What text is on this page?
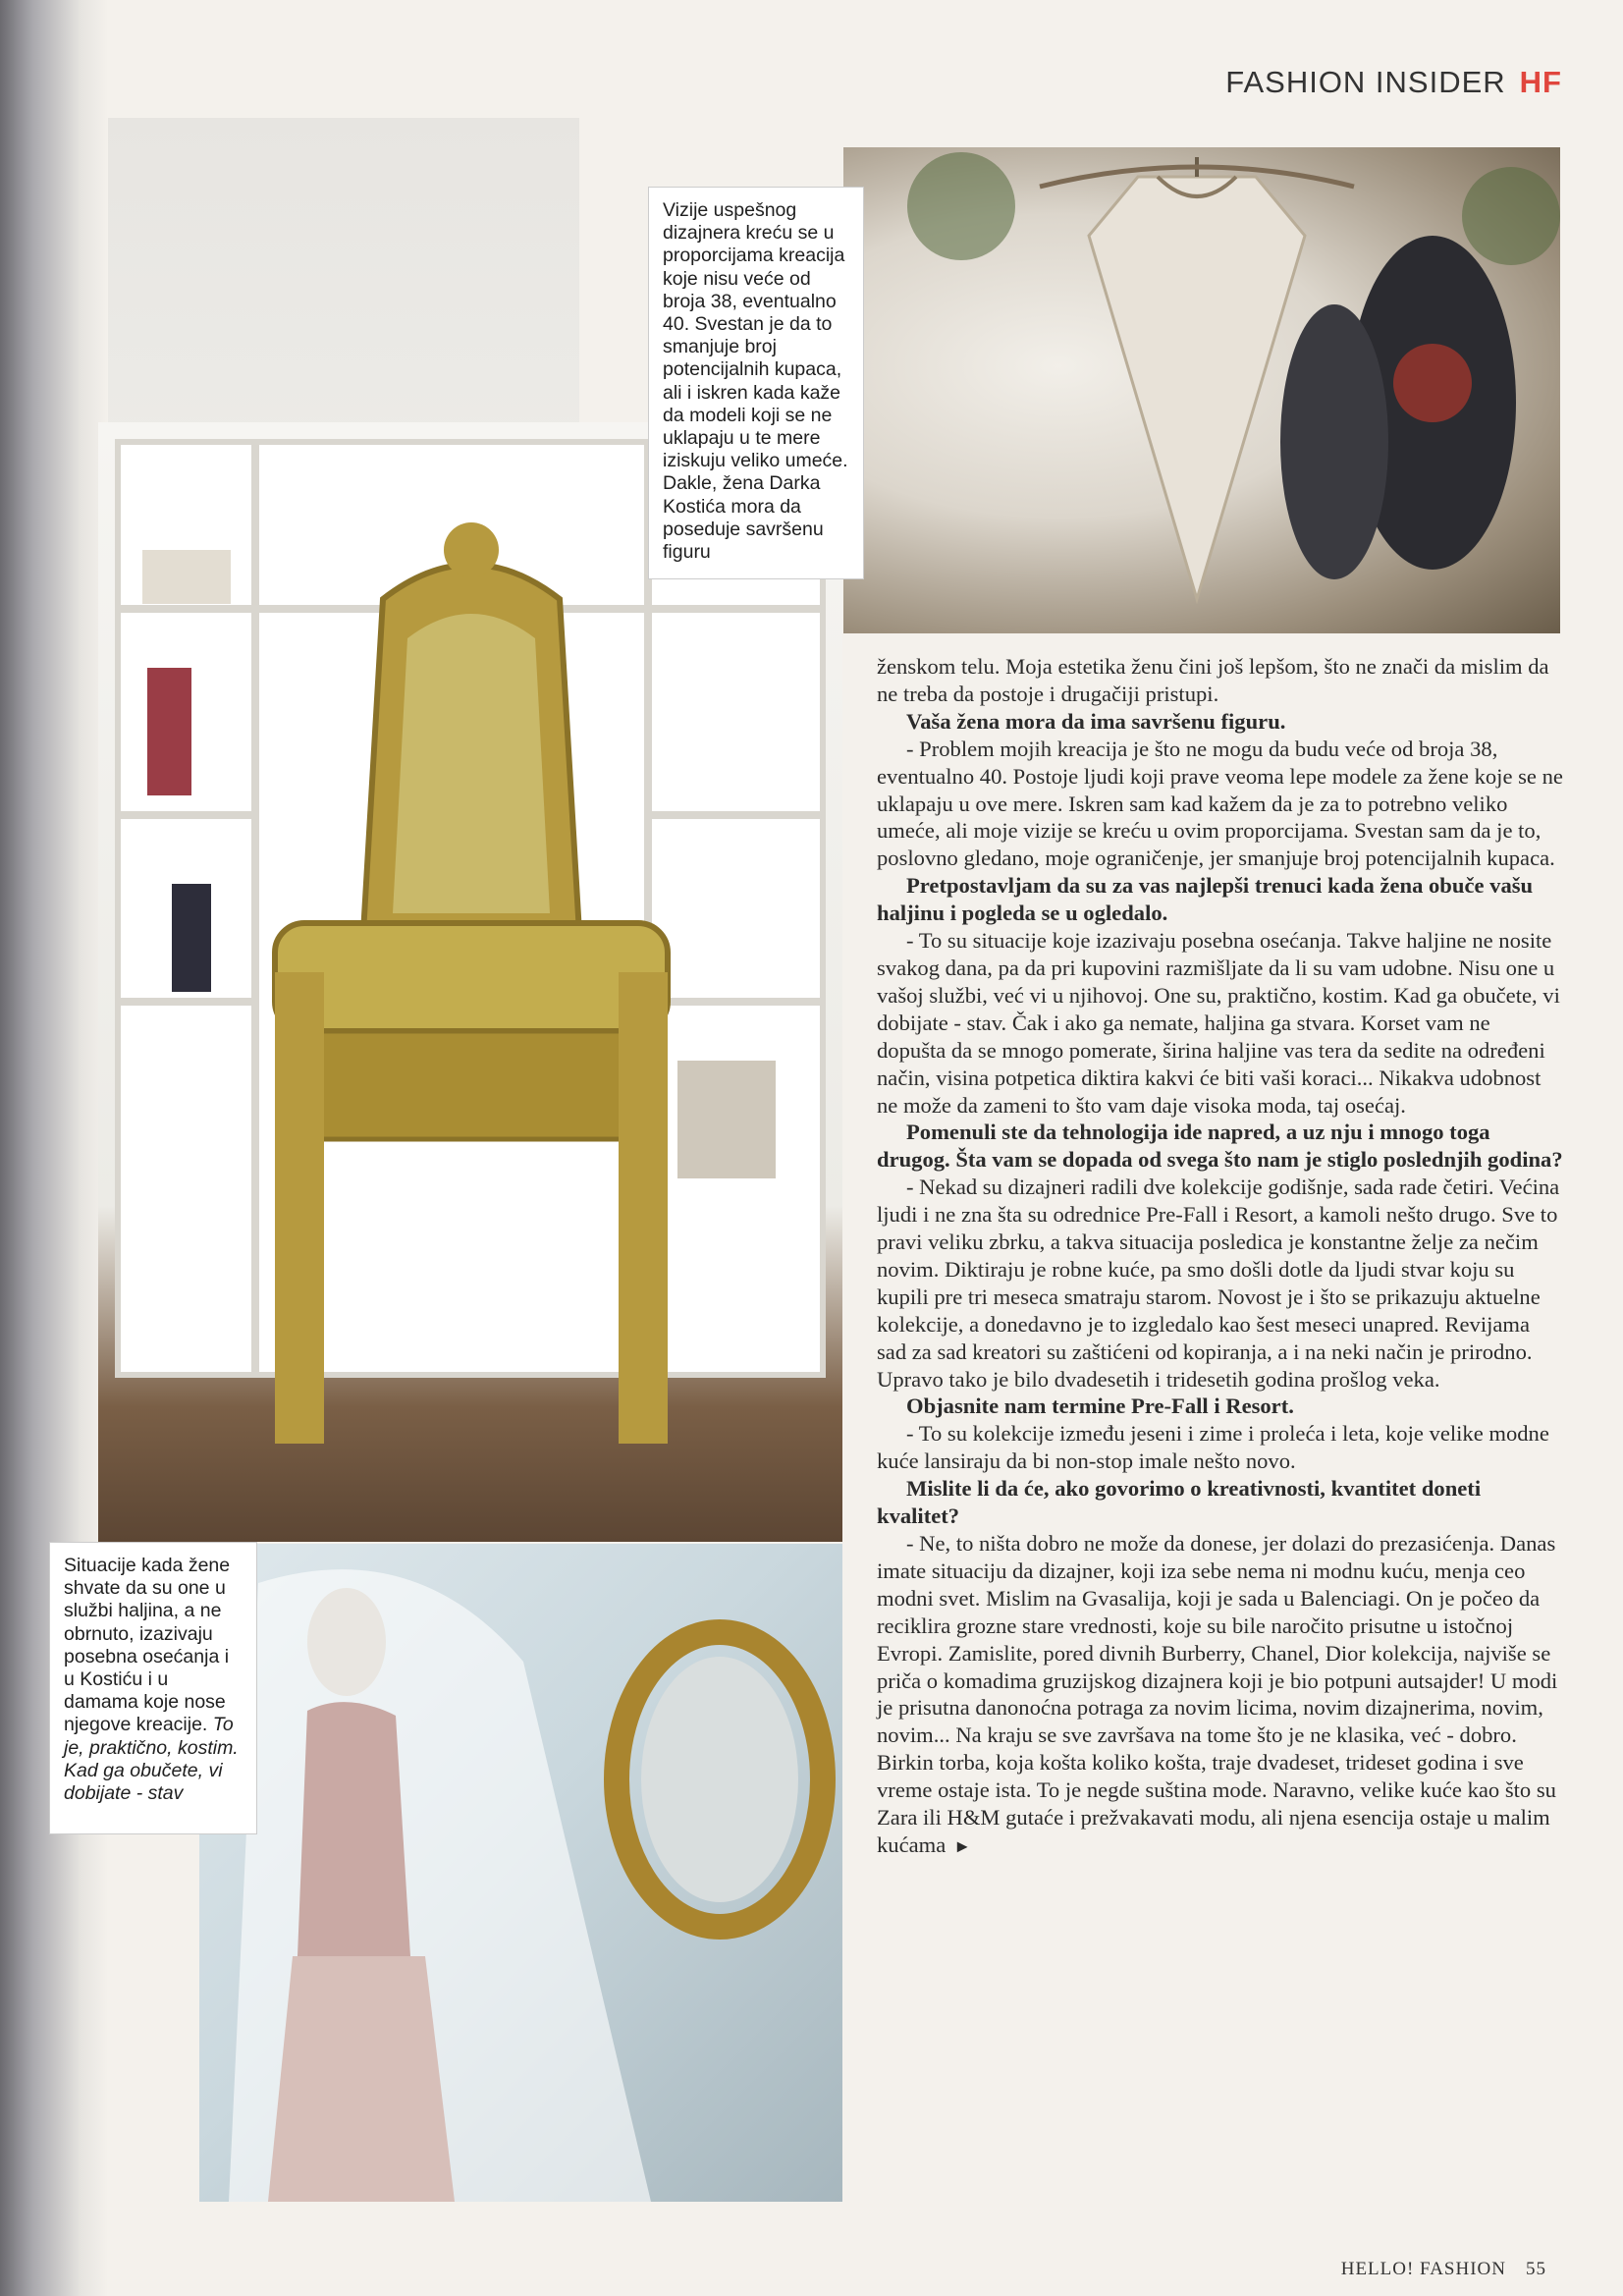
FASHION INSIDER HF
Vizije uspešnog dizajnera kreću se u proporcijama kreacija koje nisu veće od broja 38, eventualno 40. Svestan je da to smanjuje broj potencijalnih kupaca, ali i iskren kada kaže da modeli koji se ne uklapaju u te mere iziskuju veliko umeće. Dakle, žena Darka Kostića mora da poseduje savršenu figuru
Situacije kada žene shvate da su one u službi haljina, a ne obrnuto, izazivaju posebna osećanja i u Kostiću i u damama koje nose njegove kreacije. To je, praktično, kostim. Kad ga obučete, vi dobijate - stav

ženskom telu. Moja estetika ženu čini još lepšom, što ne znači da mislim da ne treba da postoje i drugačiji pristupi.

Vaša žena mora da ima savršenu figuru.

- Problem mojih kreacija je što ne mogu da budu veće od broja 38, eventualno 40. Postoje ljudi koji prave veoma lepe modele za žene koje se ne uklapaju u ove mere. Iskren sam kad kažem da je za to potrebno veliko umeće, ali moje vizije se kreću u ovim proporcijama. Svestan sam da je to, poslovno gledano, moje ograničenje, jer smanjuje broj potencijalnih kupaca.

Pretpostavljam da su za vas najlepši trenuci kada žena obuče vašu haljinu i pogleda se u ogledalo.

- To su situacije koje izazivaju posebna osećanja. Takve haljine ne nosite svakog dana, pa da pri kupovini razmišljate da li su vam udobne. Nisu one u vašoj službi, već vi u njihovoj. One su, praktično, kostim. Kad ga obučete, vi dobijate - stav. Čak i ako ga nemate, haljina ga stvara. Korset vam ne dopušta da se mnogo pomerate, širina haljine vas tera da sedite na određeni način, visina potpetica diktira kakvi će biti vaši koraci... Nikakva udobnost ne može da zameni to što vam daje visoka moda, taj osećaj.

Pomenuli ste da tehnologija ide napred, a uz nju i mnogo toga drugog. Šta vam se dopada od svega što nam je stiglo poslednjih godina?

- Nekad su dizajneri radili dve kolekcije godišnje, sada rade četiri. Većina ljudi i ne zna šta su odrednice Pre-Fall i Resort, a kamoli nešto drugo. Sve to pravi veliku zbrku, a takva situacija posledica je konstantne želje za nečim novim. Diktiraju je robne kuće, pa smo došli dotle da ljudi stvar koju su kupili pre tri meseca smatraju starom. Novost je i što se prikazuju aktuelne kolekcije, a donedavno je to izgledalo kao šest meseci unapred. Revijama sad za sad kreatori su zaštićeni od kopiranja, a i na neki način je prirodno. Upravo tako je bilo dvadesetih i tridesetih godina prošlog veka.

Objasnite nam termine Pre-Fall i Resort.

- To su kolekcije između jeseni i zime i proleća i leta, koje velike modne kuće lansiraju da bi non-stop imale nešto novo.

Mislite li da će, ako govorimo o kreativnosti, kvantitet doneti kvalitet?

- Ne, to ništa dobro ne može da donese, jer dolazi do prezasićenja. Danas imate situaciju da dizajner, koji iza sebe nema ni modnu kuću, menja ceo modni svet. Mislim na Gvasalija, koji je sada u Balenciagi. On je počeo da reciklira grozne stare vrednosti, koje su bile naročito prisutne u istočnoj Evropi. Zamislite, pored divnih Burberry, Chanel, Dior kolekcija, najviše se priča o komadima gruzijskog dizajnera koji je bio potpuni autsajder! U modi je prisutna danonoćna potraga za novim licima, novim dizajnerima, novim, novim... Na kraju se sve završava na tome što je ne klasika, već - dobro. Birkin torba, koja košta koliko košta, traje dvadeset, trideset godina i sve vreme ostaje ista. To je negde suština mode. Naravno, velike kuće kao što su Zara ili H&M gutaće i prežvakavati modu, ali njena esencija ostaje u malim kućama ►

HELLO! FASHION 55
